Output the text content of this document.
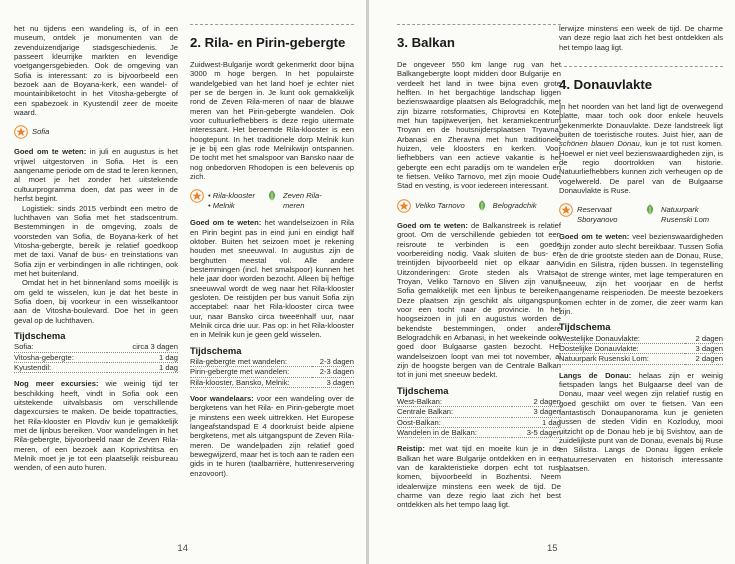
het nu tijdens een wandeling is, of in een museum, ontdek je monumenten van de zevenduizendjarige stadsgeschiedenis. Je passeert kleurrijke markten en levendige voetgangersgebieden. Ook de omgeving van Sofia is interessant: zo is bijvoorbeeld een bezoek aan de Boyana-kerk, een wandel- of mountainbiketocht in het Vitosha-gebergte of een spabezoek in Kyustendil zeer de moeite waard.

Sofia

Goed om te weten: in juli en augustus is het vrijwel uitgestorven in Sofia. Het is een aangename periode om de stad te leren kennen, al moet je het zonder het uitstekende cultuurprogramma doen, dat pas weer in de herfst begint.

Logistiek: sinds 2015 verbindt een metro de luchthaven van Sofia met het stadscentrum. Bestemmingen in de omgeving, zoals de voorsteden van Sofia, de Boyana-kerk of het Vitosha-gebergte, bereik je relatief goedkoop met de taxi. Vanaf de bus- en treinstations van Sofia zijn er verbindingen in alle richtingen, ook met het buitenland.

Omdat het in het binnenland soms moeilijk is om geld te wisselen, kun je dat het beste in Sofia doen, bij voorkeur in een wisselkantoor aan de Vitosha-boulevard. Doe het in geen geval op de luchthaven.

Tijdschema
Sofia:	circa 3 dagen
Vitosha-gebergte:	1 dag
Kyustendil:	1 dag

Nog meer excursies: wie weinig tijd ter beschikking heeft, vindt in Sofia ook een uitstekende uitvalsbasis om verschillende dagexcursies te maken. De beide topattracties, het Rila-klooster en Plovdiv kun je gemakkelijk met de lijnbus bereiken. Voor wandelingen in het Rila-gebergte, bijvoorbeeld naar de Zeven Rila-meren, of een bezoek aan Koprivshtitsa en Melnik moet je je tot een plaatselijk reisbureau wenden, of een auto huren.

2. Rila- en Pirin-gebergte

Zuidwest-Bulgarije wordt gekenmerkt door bijna 3000 m hoge bergen. In het populairste wandelgebied van het land hoef je echter niet per se de bergen in. Je kunt ook gemakkelijk rond de Zeven Rila-meren of naar de blauwe meren van het Pirin-gebergte wandelen. Ook voor cultuurliefhebbers is deze regio uitermate interessant. Het beroemde Rila-klooster is een hoogtepunt. In het traditionele dorp Melnik kun je je bij een glas rode Melnikwijn ontspannen. De tocht met het smalspoor van Bansko naar de nog onbedorven Rhodopen is een belevenis op zich.

• Rila-klooster
• Melnik
Zeven Rila-meren

Goed om te weten: het wandelseizoen in Rila en Pirin begint pas in eind juni en eindigt half oktober. Buiten het seizoen moet je rekening houden met sneeuwval. In augustus zijn de berghutten meestal vol. Alle andere bestemmingen (incl. het smalspoor) kunnen het hele jaar door worden bezocht. Alleen bij heftige sneeuwval wordt de weg naar het Rila-klooster gesloten. De reistijden per bus vanuit Sofia zijn acceptabel: naar het Rila-klooster circa twee uur, naar Bansko circa tweeënhalf uur, naar Melnik circa drie uur. Pas op: in het Rila-klooster en in Melnik kun je geen geld wisselen.

Tijdschema
Rila-gebergte met wandelen:	2-3 dagen
Pirin-gebergte met wandelen:	2-3 dagen
Rila-klooster, Bansko, Melnik:	3 dagen

Voor wandelaars: voor een wandeling over de bergketens van het Rila- en Pirin-gebergte moet je minstens een week uittrekken. Het Europese langeafstandspad E 4 doorkruist beide alpiene bergketens, met als uitgangspunt de Zeven Rila-meren. De wandelpaden zijn relatief goed bewegwijzerd, maar het is toch aan te raden een gids in te huren (taalbarrière, huttenreservering enzovoort).

14
3. Balkan

De ongeveer 550 km lange rug van het Balkangebergte loopt midden door Bulgarije en verdeelt het land in twee bijna even grote helften. In het bergachtige landschap liggen bezienswaardige plaatsen als Belogradchik, met zijn bizarre rotsformaties, Chiprovtsi en Kotel met hun tapijtweverijen, het keramiekcentrum Troyan en de houtsnijdersplaatsen Tryavna, Arbanasi en Zheravna met hun traditionele huizen, vele kloosters en kerken. Voor liefhebbers van een actieve vakantie is het gebergte een echt paradijs om te wandelen en te fietsen. Veliko Tarnovo, met zijn mooie Oude Stad en vesting, is voor iedereen interessant.

Veliko Tarnovo	Belogradchik

Goed om te weten: de Balkanstreek is relatief groot. Om de verschillende gebieden tot een reisroute te verbinden is een goede voorbereiding nodig. Vaak sluiten de bus- en treintijden bijvoorbeeld niet op elkaar aan. Uitzonderingen: Grote steden als Vratsa, Troyan, Veliko Tarnovo en Sliven zijn vanuit Sofia gemakkelijk met een lijnbus te bereiken. Deze plaatsen zijn geschikt als uitgangspunt voor een tocht naar de provincie. In het hoogseizoen in juli en augustus worden de bekendste bestemmingen, onder andere Belogradchik en Arbanasi, in het weekeinde ook goed door Bulgaarse gasten bezocht. Het wandelseizoen loopt van mei tot november, al zijn de hoogste bergen van de Centrale Balkan tot in juni met sneeuw bedekt.

Tijdschema
West-Balkan:	2 dagen
Centrale Balkan:	3 dagen
Oost-Balkan:	1 dag
Wandelen in de Balkan:	3-5 dagen

Reistip: met wat tijd en moeite kun je in de Balkan het ware Bulgarije ontdekken en in een van de karakteristieke dorpen echt tot rust komen, bijvoorbeeld in Bozhentsi. Neem idealerwijze minstens een week de tijd. De charme van deze regio laat zich het best ontdekken als het tempo laag ligt.

lerwijze minstens een week de tijd. De charme van deze regio laat zich het best ontdekken als het tempo laag ligt.

4. Donauvlakte

In het noorden van het land ligt de overwegend platte, maar toch ook door enkele heuvels gekenmerkte Donauvlakte. Deze landstreek ligt buiten de toeristische routes. Juist hier, aan de schönen blauen Donau, kun je tot rust komen. Hoewel er niet veel bezienswaardigheden zijn, is de regio doortrokken van historie. Natuurliefhebbers kunnen zich verheugen op de vogelwereld. De parel van de Bulgaarse Donauvlakte is Ruse.

Reservaat Sboryanovo
Natuurpark Rusenski Lom

Goed om te weten: veel bezienswaardigheden zijn zonder auto slecht bereikbaar. Tussen Sofia en de drie grootste steden aan de Donau, Ruse, Vidin en Silistra, rijden bussen. In tegenstelling tot de strenge winter, met lage temperaturen en sneeuw, zijn het voorjaar en de herfst aangename reisperioden. De meeste bezoekers komen echter in de zomer, die zeer warm kan zijn.

Tijdschema
Westelijke Donauvlakte:	2 dagen
Oostelijke Donauvlakte:	3 dagen
Natuurpark Rusenski Lom:	2 dagen

Langs de Donau: helaas zijn er weinig fietspaden langs het Bulgaarse deel van de Donau, maar veel wegen zijn relatief rustig en goed geschikt om over te fietsen. Van een fantastisch Donaupanorama kun je genieten tussen de steden Vidin en Kozloduy, mooi uitzicht op de Donau heb je bij Svishtov, aan de zuidelijkste punt van de Donau, evenals bij Ruse en Silistra. Langs de Donau liggen enkele natuurreservaten en historisch interessante plaatsen.

15
